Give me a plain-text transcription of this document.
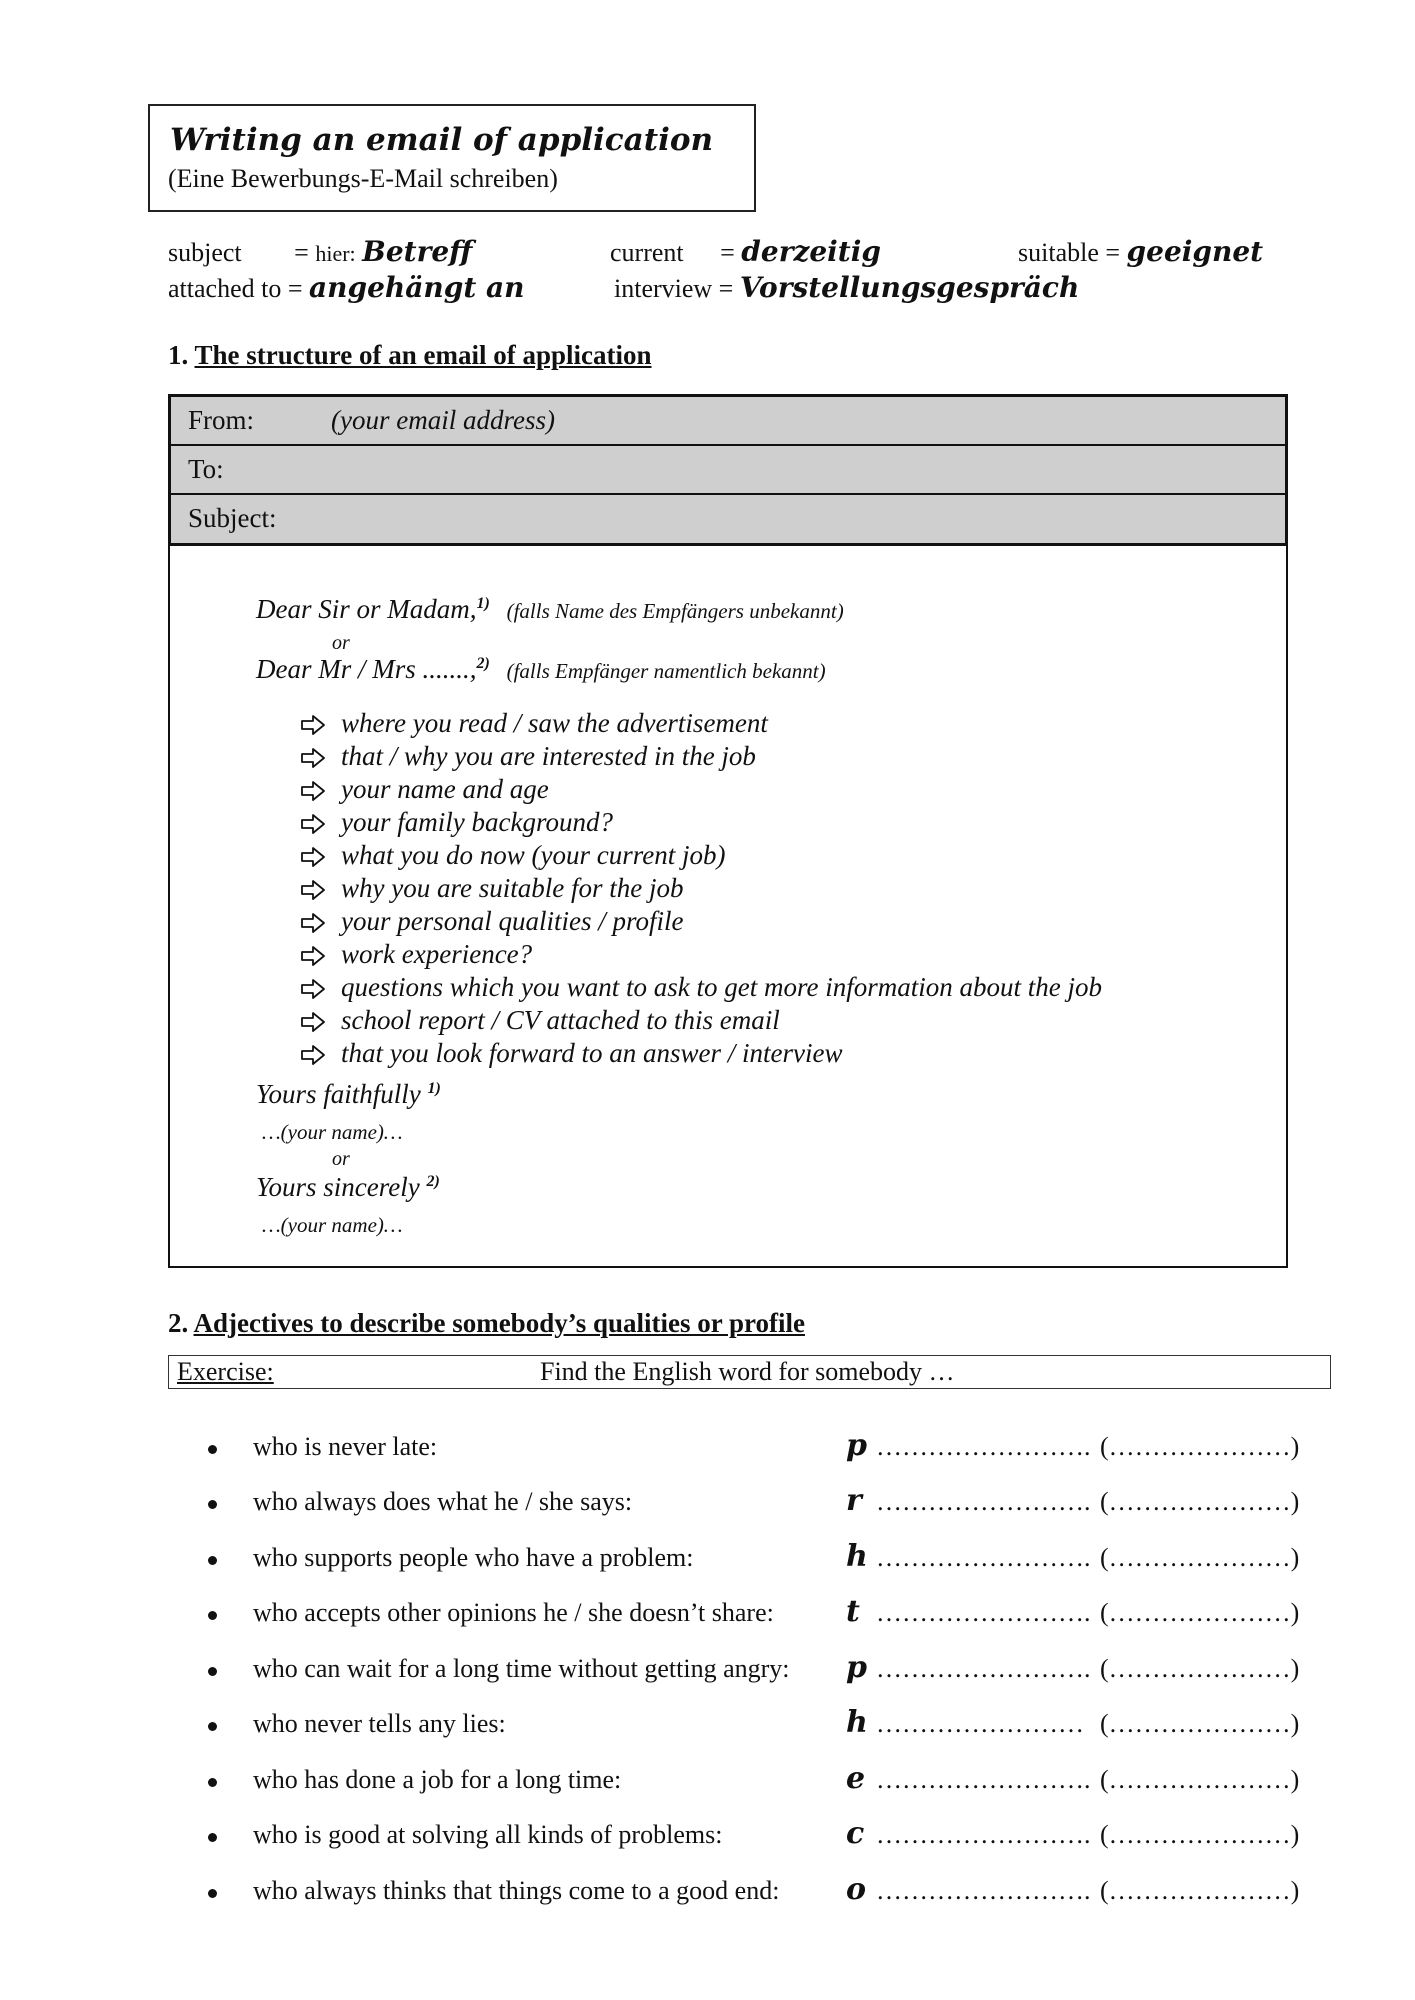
Writing an email of application
(Eine Bewerbungs-E-Mail schreiben)
subject = hier: Betreff	current = derzeitig	suitable = geeignet
attached to = angehängt an	interview = Vorstellungsgespräch
1. The structure of an email of application
From:	(your email address)
To:
Subject:
Dear Sir or Madam,$^{1)}$ (falls Name des Empfängers unbekannt)
or
Dear Mr / Mrs .......,$^{2)}$ (falls Empfänger namentlich bekannt)
where you read / saw the advertisement
that / why you are interested in the job
your name and age
your family background?
what you do now (your current job)
why you are suitable for the job
your personal qualities / profile
work experience?
questions which you want to ask to get more information about the job
school report / CV attached to this email
that you look forward to an answer / interview
Yours faithfully $^{1)}$
…(your name)…
or
Yours sincerely $^{2)}$
…(your name)…
2. Adjectives to describe somebody’s qualities or profile
Exercise:	Find the English word for somebody …
who is never late:	p ……………………. (…………………)
who always does what he / she says:	r ……………………. (…………………)
who supports people who have a problem:	h ……………………. (…………………)
who accepts other opinions he / she doesn’t share: t ……………………. (…………………)
who can wait for a long time without getting angry: p ……………………. (…………………)
who never tells any lies:	h …………………… (…………………)
who has done a job for a long time:	e ……………………. (…………………)
who is good at solving all kinds of problems:	c ……………………. (…………………)
who always thinks that things come to a good end: o ……………………. (…………………)
